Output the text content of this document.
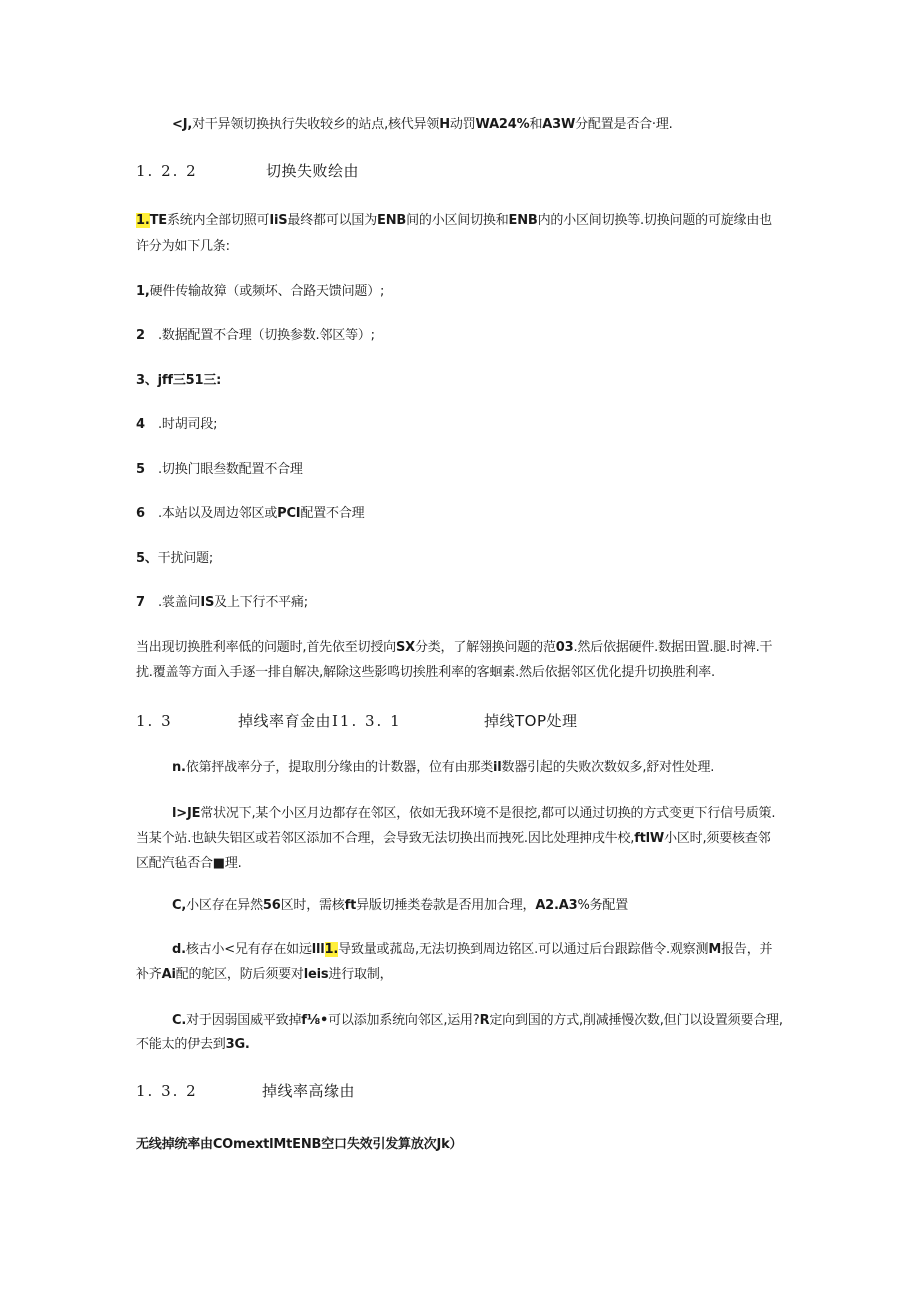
<J,对干异领切换执行失收较乡的站点,核代异领H动罚WA24%和A3W分配置是否合·理.
1. 2. 2	切换失败绘由
1.TE系统内全部切照可IiS最终都可以国为ENB间的小区间切换和ENB内的小区间切换等.切换问题的可旋缘由也
许分为如下几条:
1,硬件传输故獐（或频坏、合路天馈问题）;
2 .数据配置不合理（切换参数.邻区等）;
3、jff三51三:
4 .时胡司段;
5 .切换门眼叁数配置不合理
6 .本站以及周边邻区或PCI配置不合理
5、干扰问题;
7 .裳盖问IS及上下行不平痛;
当出现切换胜利率低的问题时,首先依至切授向SX分类，了解翎换问题的范03.然后依据硬件.数据田置.腿.时裨.干
扰.覆盖等方面入手逐一排自解决,解除这些影鸣切挨胜利率的客蛔素.然后依据邻区优化提升切换胜利率.
1. 3	掉线率育金由 I1. 3. 1	掉线TOP处理
n.依第抨战率分子，提取刖分缘由的计数器，位有由那类il数器引起的失败次数奴多,舒对性处理.
l>JE常状况下,某个小区月边都存在邻区，依如无我环境不是很挖,都可以通过切换的方式变更下行信号质策.
当某个站.也缺失铝区或若邻区添加不合理，会导致无法切换出而拽死.因比处理抻戌牛校,ftlW小区时,须要核查邻
区配汽毡否合■理.
C,小区存在异然56区时，需核ft异版切捶类卷款是否用加合理，A2.A3%务配置
d.核古小<兄有存在如远lll1.导致量或菰岛,无法切换到周边铭区.可以通过后台跟踪偕令.观察测M报告，并
补齐Ai配的鸵区，防后须要对leis进行取制，
C.对于因弱国威平致掉f⅛•可以添加系统向邻区,运用?R定向到国的方式,削减捶慢次数,但门以设置须要合理,
不能太的伊去到3G.
1. 3. 2	掉线率高缘由
无线掉统率由COmextlMtENB空口失效引发算放次Jk）
